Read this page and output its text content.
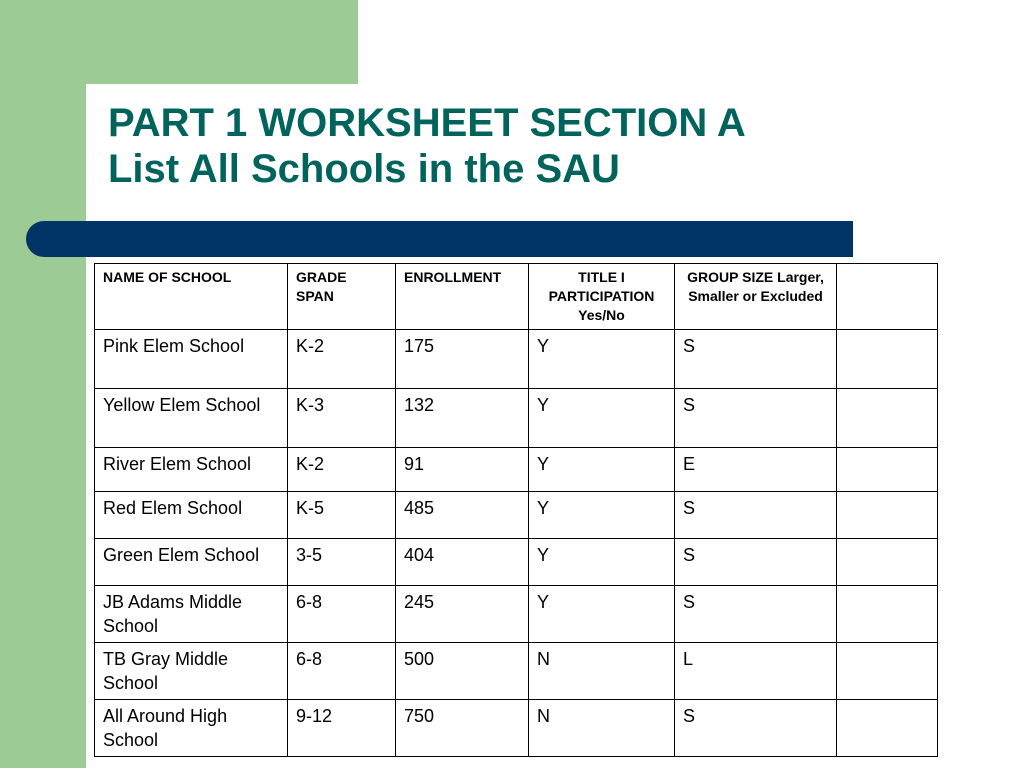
PART 1 WORKSHEET SECTION A
List All Schools in the SAU
NAME OF SCHOOL	GRADE SPAN	ENROLLMENT	TITLE I PARTICIPATION Yes/No	GROUP SIZE Larger, Smaller or Excluded	
Pink Elem School	K-2	175	Y	S	
Yellow Elem School	K-3	132	Y	S	
River Elem School	K-2	91	Y	E	
Red Elem School	K-5	485	Y	S	
Green Elem School	3-5	404	Y	S	
JB Adams Middle School	6-8	245	Y	S	
TB Gray Middle School	6-8	500	N	L	
All Around High School	9-12	750	N	S	
